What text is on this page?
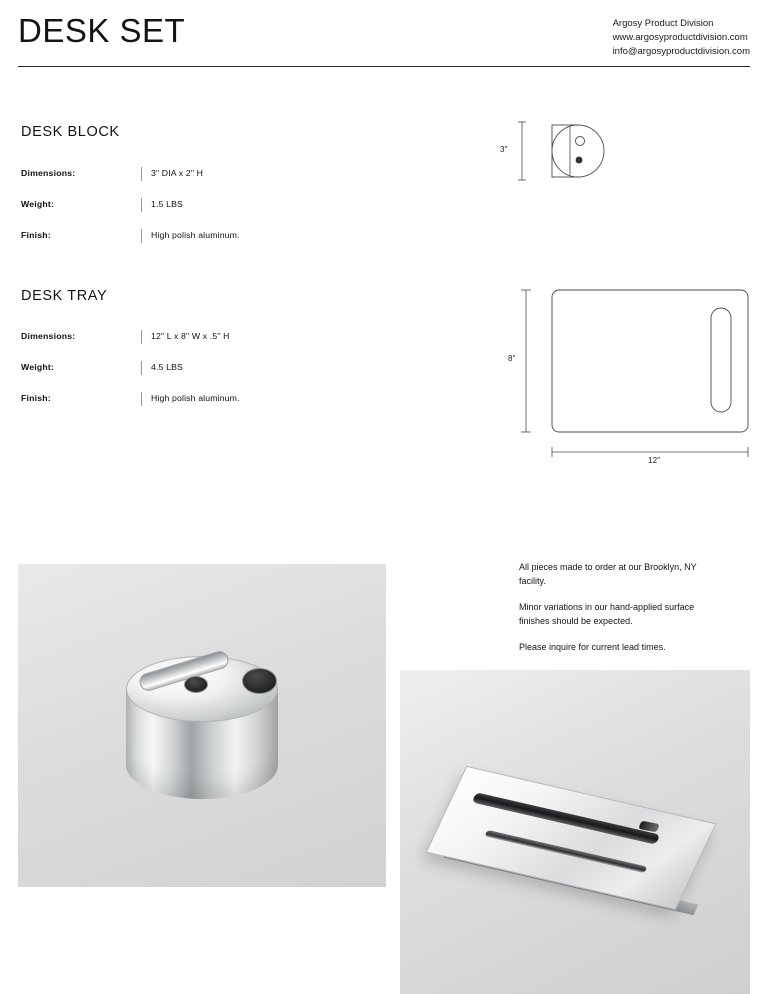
DESK SET	Argosy Product Division
www.argosyproductdivision.com
info@argosyproductdivision.com
DESK BLOCK
Dimensions:	3" DIA x 2" H
Weight:	1.5 LBS
Finish:	High polish aluminum.
3"
DESK TRAY
Dimensions:	12" L x 8" W x .5" H
Weight:	4.5 LBS
Finish:	High polish aluminum.
8"
12"

All pieces made to order at our Brooklyn, NY facility.

Minor variations in our hand-applied surface finishes should be expected.

Please inquire for current lead times.
